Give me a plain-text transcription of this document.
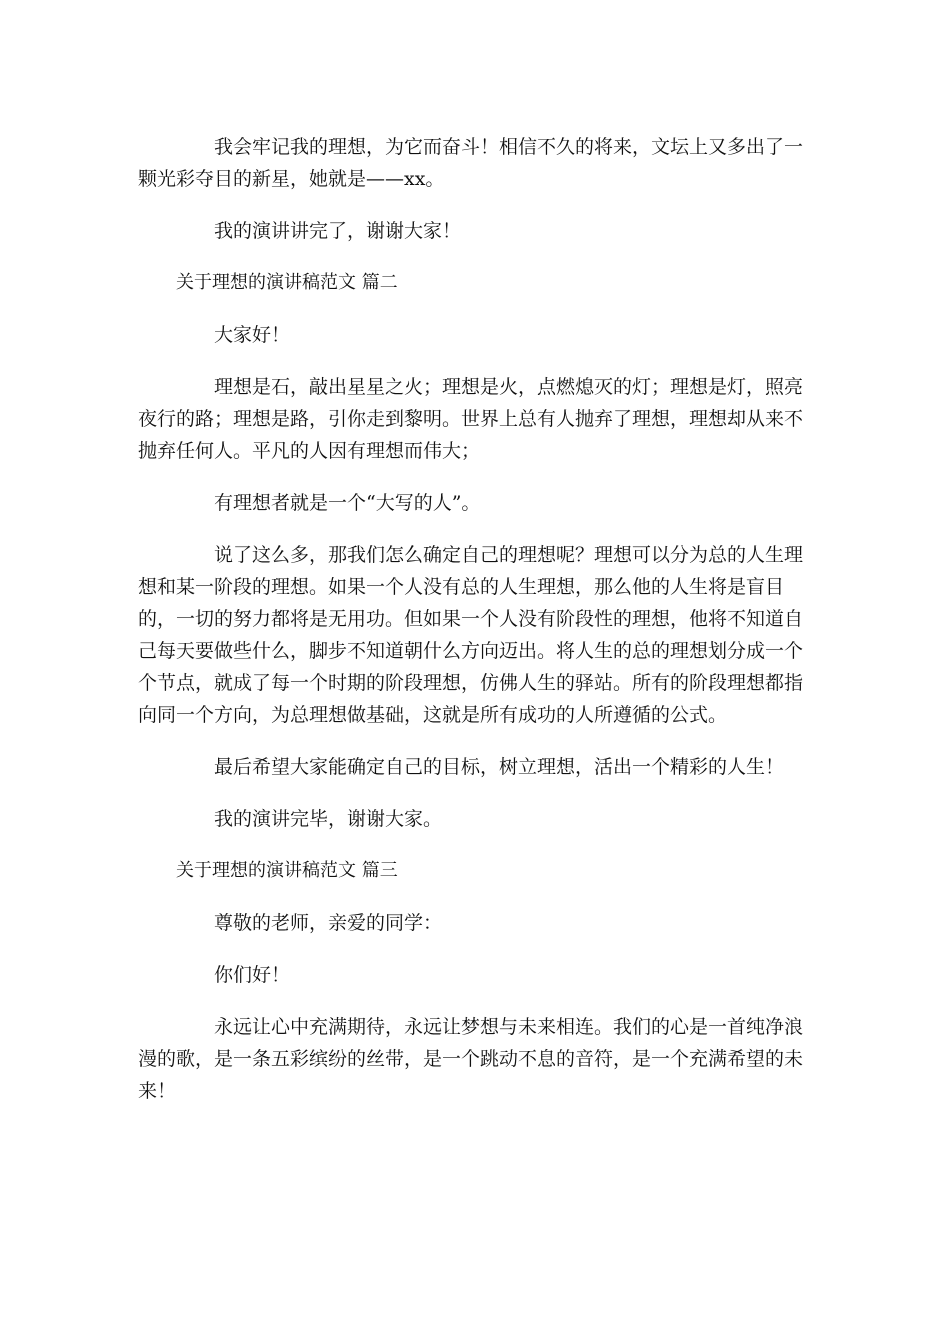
我会牢记我的理想，为它而奋斗！相信不久的将来，文坛上又多出了一颗光彩夺目的新星，她就是——xx。

我的演讲讲完了，谢谢大家！

关于理想的演讲稿范文 篇二

大家好！

理想是石，敲出星星之火；理想是火，点燃熄灭的灯；理想是灯，照亮夜行的路；理想是路，引你走到黎明。世界上总有人抛弃了理想，理想却从来不抛弃任何人。平凡的人因有理想而伟大；

有理想者就是一个“大写的人”。

说了这么多，那我们怎么确定自己的理想呢？理想可以分为总的人生理想和某一阶段的理想。如果一个人没有总的人生理想，那么他的人生将是盲目的，一切的努力都将是无用功。但如果一个人没有阶段性的理想，他将不知道自己每天要做些什么，脚步不知道朝什么方向迈出。将人生的总的理想划分成一个个节点，就成了每一个时期的阶段理想，仿佛人生的驿站。所有的阶段理想都指向同一个方向，为总理想做基础，这就是所有成功的人所遵循的公式。

最后希望大家能确定自己的目标，树立理想，活出一个精彩的人生！

我的演讲完毕，谢谢大家。

关于理想的演讲稿范文 篇三

尊敬的老师，亲爱的同学：

你们好！

永远让心中充满期待，永远让梦想与未来相连。我们的心是一首纯净浪漫的歌，是一条五彩缤纷的丝带，是一个跳动不息的音符，是一个充满希望的未来！
